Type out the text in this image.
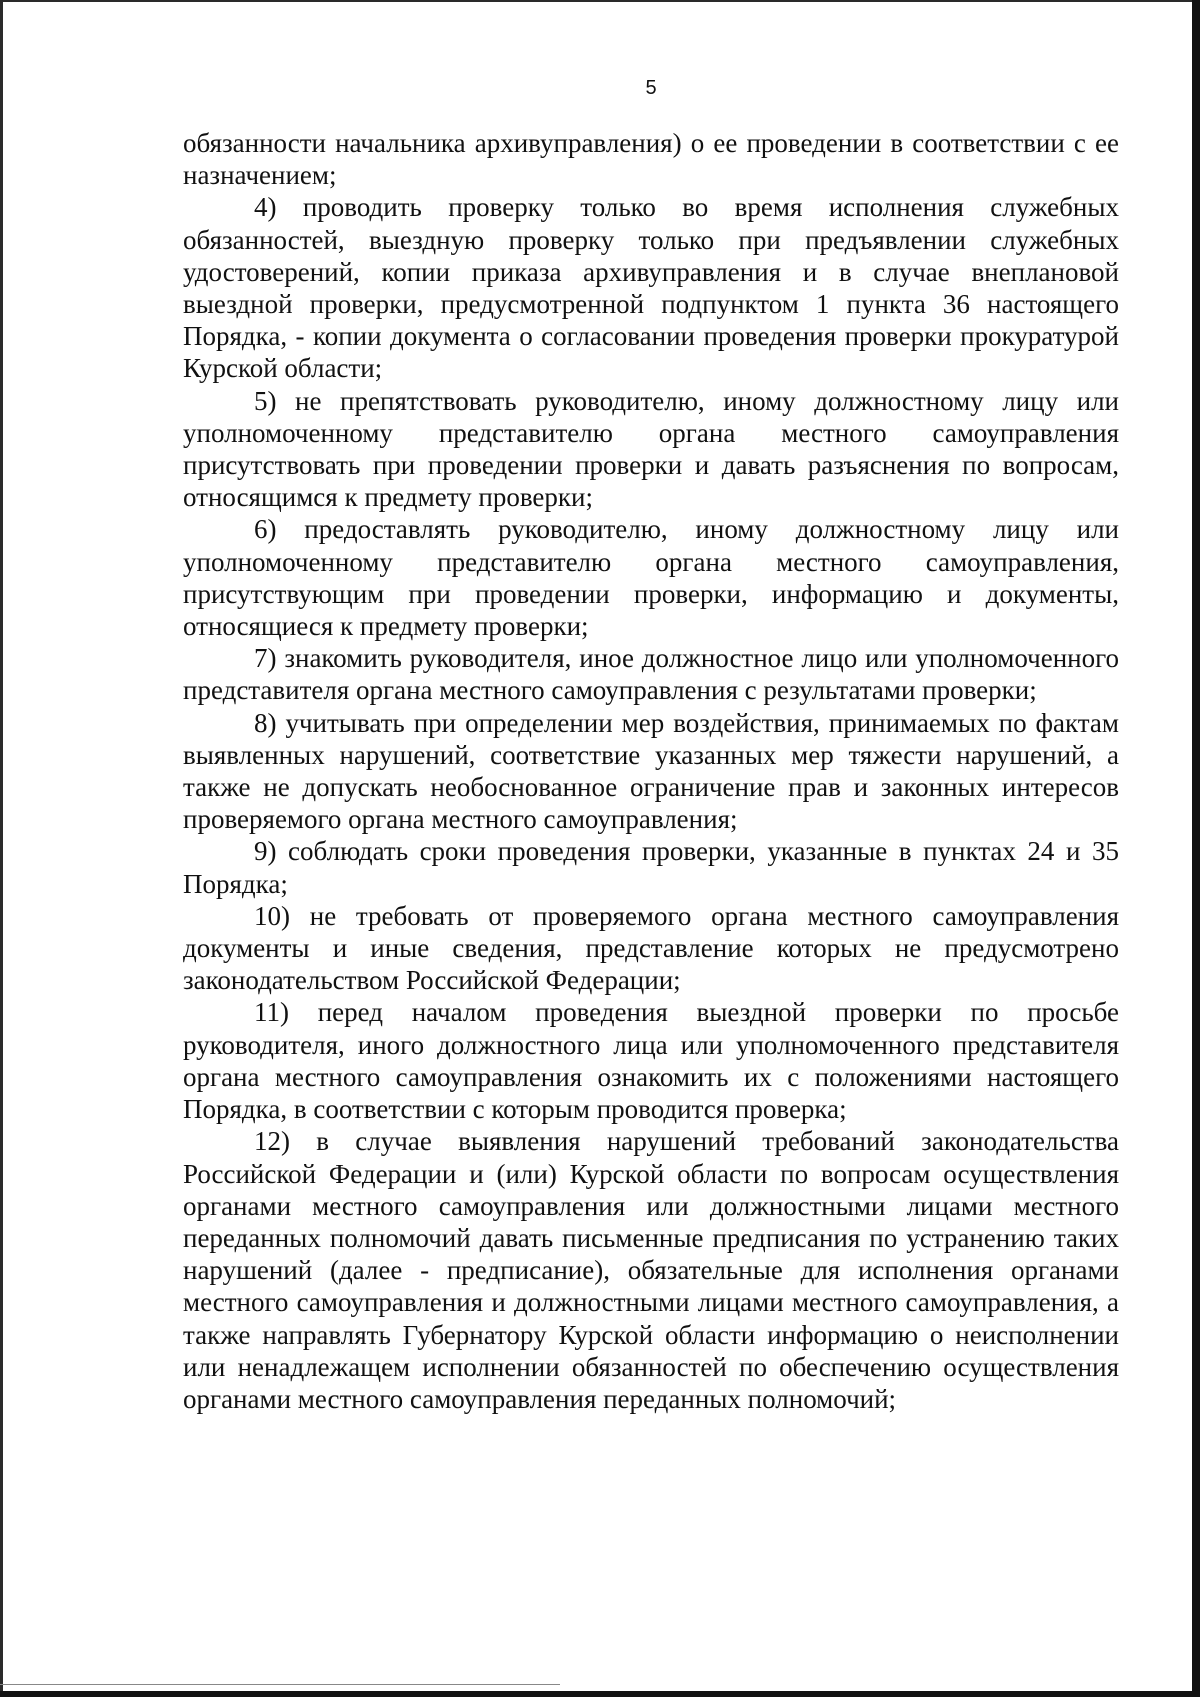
5

обязанности начальника архивуправления) о ее проведении в соответствии с ее назначением;

4) проводить проверку только во время исполнения служебных обязанностей, выездную проверку только при предъявлении служебных удостоверений, копии приказа архивуправления и в случае внеплановой выездной проверки, предусмотренной подпунктом 1 пункта 36 настоящего Порядка, - копии документа о согласовании проведения проверки прокуратурой Курской области;

5) не препятствовать руководителю, иному должностному лицу или уполномоченному представителю органа местного самоуправления присутствовать при проведении проверки и давать разъяснения по вопросам, относящимся к предмету проверки;

6) предоставлять руководителю, иному должностному лицу или уполномоченному представителю органа местного самоуправления, присутствующим при проведении проверки, информацию и документы, относящиеся к предмету проверки;

7) знакомить руководителя, иное должностное лицо или уполномоченного представителя органа местного самоуправления с результатами проверки;

8) учитывать при определении мер воздействия, принимаемых по фактам выявленных нарушений, соответствие указанных мер тяжести нарушений, а также не допускать необоснованное ограничение прав и законных интересов проверяемого органа местного самоуправления;

9) соблюдать сроки проведения проверки, указанные в пунктах 24 и 35 Порядка;

10) не требовать от проверяемого органа местного самоуправления документы и иные сведения, представление которых не предусмотрено законодательством Российской Федерации;

11) перед началом проведения выездной проверки по просьбе руководителя, иного должностного лица или уполномоченного представителя органа местного самоуправления ознакомить их с положениями настоящего Порядка, в соответствии с которым проводится проверка;

12) в случае выявления нарушений требований законодательства Российской Федерации и (или) Курской области по вопросам осуществления органами местного самоуправления или должностными лицами местного переданных полномочий давать письменные предписания по устранению таких нарушений (далее - предписание), обязательные для исполнения органами местного самоуправления и должностными лицами местного самоуправления, а также направлять Губернатору Курской области информацию о неисполнении или ненадлежащем исполнении обязанностей по обеспечению осуществления органами местного самоуправления переданных полномочий;
